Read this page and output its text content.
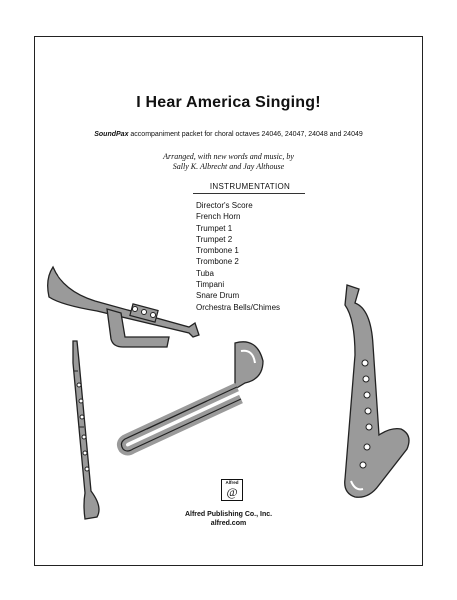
I Hear America Singing!
SoundPax accompaniment packet for choral octaves 24046, 24047, 24048 and 24049
Arranged, with new words and music, by
Sally K. Albrecht and Jay Althouse
INSTRUMENTATION
Director's Score
French Horn
Trumpet 1
Trumpet 2
Trombone 1
Trombone 2
Tuba
Timpani
Snare Drum
Orchestra Bells/Chimes
Alfred
@
Alfred Publishing Co., Inc.
alfred.com
